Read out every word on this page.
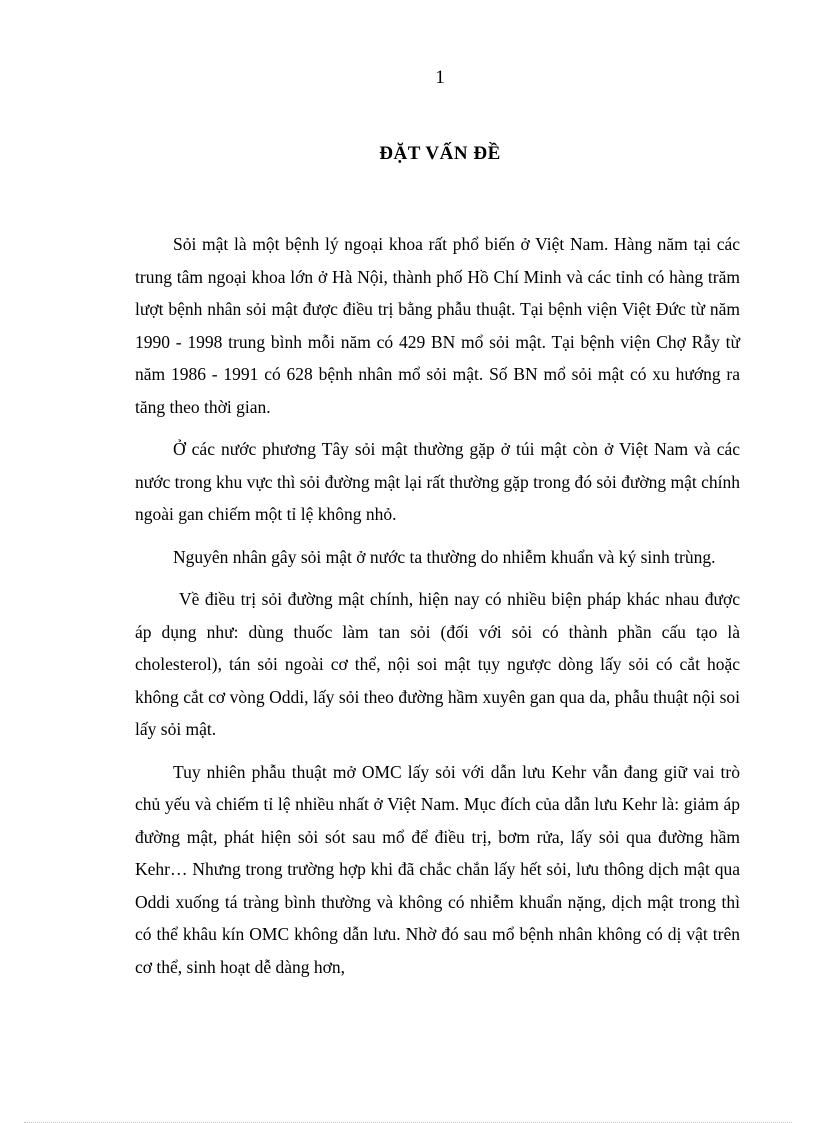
1
ĐẶT VẤN ĐỀ

Sỏi mật là một bệnh lý ngoại khoa rất phổ biến ở Việt Nam. Hàng năm tại các trung tâm ngoại khoa lớn ở Hà Nội, thành phố Hồ Chí Minh và các tỉnh có hàng trăm lượt bệnh nhân sỏi mật được điều trị bằng phẫu thuật. Tại bệnh viện Việt Đức từ năm 1990 - 1998 trung bình mỗi năm có 429 BN mổ sỏi mật. Tại bệnh viện Chợ Rẫy từ năm 1986 - 1991 có 628 bệnh nhân mổ sỏi mật. Số BN mổ sỏi mật có xu hướng ra tăng theo thời gian.

Ở các nước phương Tây sỏi mật thường gặp ở túi mật còn ở Việt Nam và các nước trong khu vực thì sỏi đường mật lại rất thường gặp trong đó sỏi đường mật chính ngoài gan chiếm một tỉ lệ không nhỏ.

Nguyên nhân gây sỏi mật ở nước ta thường do nhiễm khuẩn và ký sinh trùng.

Về điều trị sỏi đường mật chính, hiện nay có nhiều biện pháp khác nhau được áp dụng như: dùng thuốc làm tan sỏi (đối với sỏi có thành phần cấu tạo là cholesterol), tán sỏi ngoài cơ thể, nội soi mật tụy ngược dòng lấy sỏi có cắt hoặc không cắt cơ vòng Oddi, lấy sỏi theo đường hầm xuyên gan qua da, phẫu thuật nội soi lấy sỏi mật.

Tuy nhiên phẫu thuật mở OMC lấy sỏi với dẫn lưu Kehr vẫn đang giữ vai trò chủ yếu và chiếm tỉ lệ nhiều nhất ở Việt Nam. Mục đích của dẫn lưu Kehr là: giảm áp đường mật, phát hiện sỏi sót sau mổ để điều trị, bơm rửa, lấy sỏi qua đường hầm Kehr… Nhưng trong trường hợp khi đã chắc chắn lấy hết sỏi, lưu thông dịch mật qua Oddi xuống tá tràng bình thường và không có nhiễm khuẩn nặng, dịch mật trong thì có thể khâu kín OMC không dẫn lưu. Nhờ đó sau mổ bệnh nhân không có dị vật trên cơ thể, sinh hoạt dễ dàng hơn,
